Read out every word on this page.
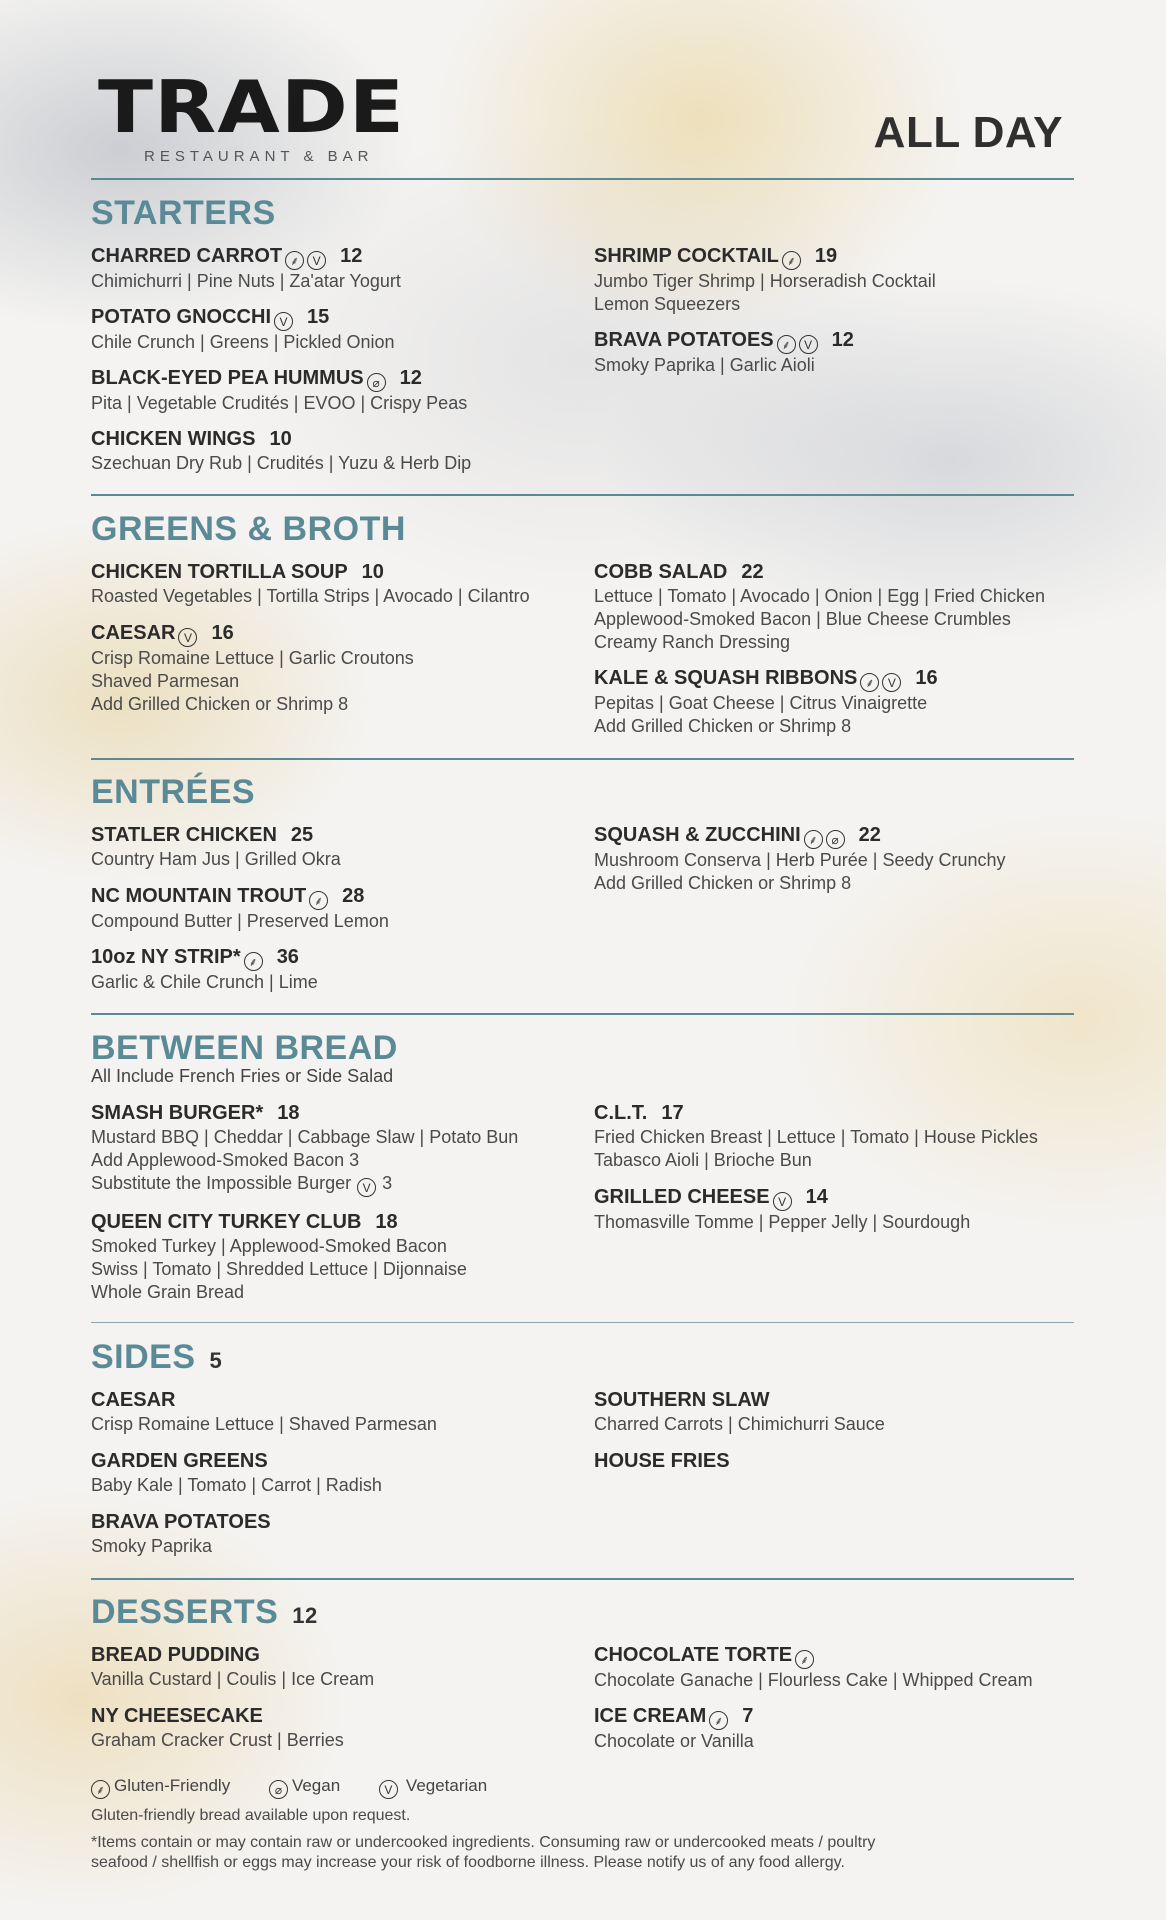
TRADE
RESTAURANT & BAR	ALL DAY
STARTERS
CHARRED CARROT ⸙ V 12
Chimichurri | Pine Nuts | Za'atar Yogurt
POTATO GNOCCHI V 15
Chile Crunch | Greens | Pickled Onion
BLACK-EYED PEA HUMMUS ⌀ 12
Pita | Vegetable Crudités | EVOO | Crispy Peas
CHICKEN WINGS 10
Szechuan Dry Rub | Crudités | Yuzu & Herb Dip
SHRIMP COCKTAIL ⸙ 19
Jumbo Tiger Shrimp | Horseradish Cocktail
Lemon Squeezers
BRAVA POTATOES ⸙ V 12
Smoky Paprika | Garlic Aioli
GREENS & BROTH
CHICKEN TORTILLA SOUP 10
Roasted Vegetables | Tortilla Strips | Avocado | Cilantro
CAESAR V 16
Crisp Romaine Lettuce | Garlic Croutons
Shaved Parmesan
Add Grilled Chicken or Shrimp 8
COBB SALAD 22
Lettuce | Tomato | Avocado | Onion | Egg | Fried Chicken
Applewood-Smoked Bacon | Blue Cheese Crumbles
Creamy Ranch Dressing
KALE & SQUASH RIBBONS ⸙ V 16
Pepitas | Goat Cheese | Citrus Vinaigrette
Add Grilled Chicken or Shrimp 8
ENTRÉES
STATLER CHICKEN 25
Country Ham Jus | Grilled Okra
NC MOUNTAIN TROUT ⸙ 28
Compound Butter | Preserved Lemon
10oz NY STRIP* ⸙ 36
Garlic & Chile Crunch | Lime
SQUASH & ZUCCHINI ⸙ ⌀ 22
Mushroom Conserva | Herb Purée | Seedy Crunchy
Add Grilled Chicken or Shrimp 8
BETWEEN BREAD
All Include French Fries or Side Salad
SMASH BURGER* 18
Mustard BBQ | Cheddar | Cabbage Slaw | Potato Bun
Add Applewood-Smoked Bacon 3
Substitute the Impossible Burger V 3
QUEEN CITY TURKEY CLUB 18
Smoked Turkey | Applewood-Smoked Bacon
Swiss | Tomato | Shredded Lettuce | Dijonnaise
Whole Grain Bread
C.L.T. 17
Fried Chicken Breast | Lettuce | Tomato | House Pickles
Tabasco Aioli | Brioche Bun
GRILLED CHEESE V 14
Thomasville Tomme | Pepper Jelly | Sourdough
SIDES 5
CAESAR
Crisp Romaine Lettuce | Shaved Parmesan
GARDEN GREENS
Baby Kale | Tomato | Carrot | Radish
BRAVA POTATOES
Smoky Paprika
SOUTHERN SLAW
Charred Carrots | Chimichurri Sauce
HOUSE FRIES
DESSERTS 12
BREAD PUDDING
Vanilla Custard | Coulis | Ice Cream
NY CHEESECAKE
Graham Cracker Crust | Berries
CHOCOLATE TORTE ⸙
Chocolate Ganache | Flourless Cake | Whipped Cream
ICE CREAM ⸙ 7
Chocolate or Vanilla
⸙ Gluten-Friendly	⌀ Vegan	V Vegetarian
Gluten-friendly bread available upon request.
*Items contain or may contain raw or undercooked ingredients. Consuming raw or undercooked meats / poultry
seafood / shellfish or eggs may increase your risk of foodborne illness. Please notify us of any food allergy.
